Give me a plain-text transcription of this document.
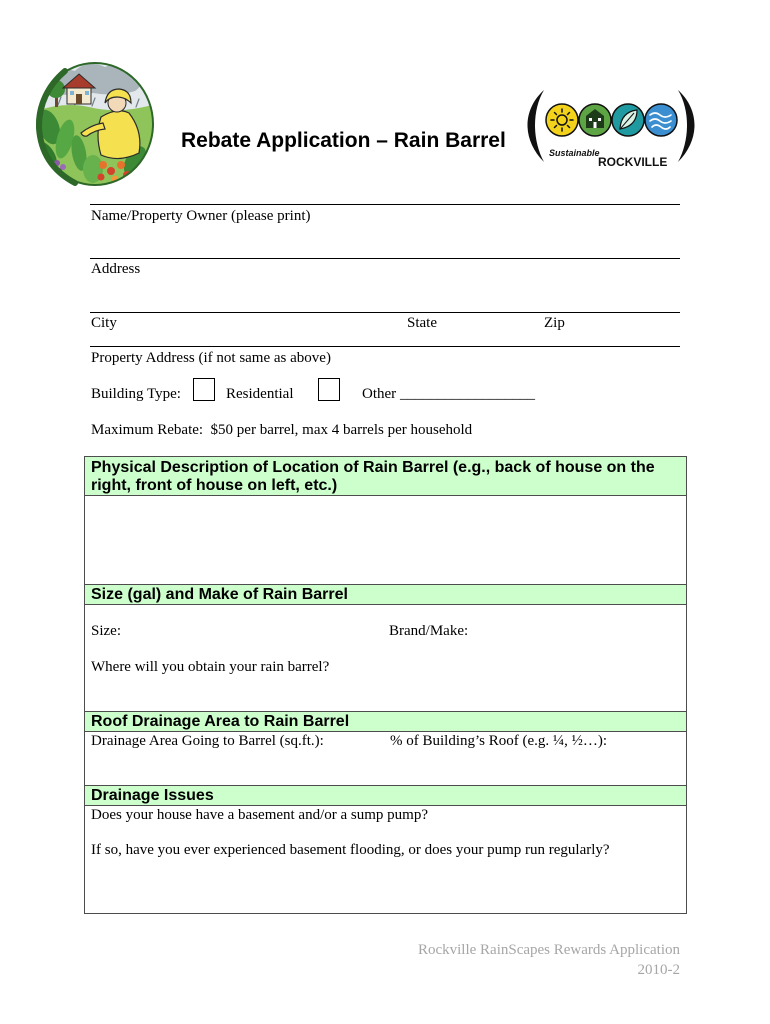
Rebate Application – Rain Barrel
Sustainable
ROCKVILLE
Name/Property Owner (please print)
Address
City	State	Zip
Property Address (if not same as above)
Building Type:	Residential	Other __________________
Maximum Rebate:  $50 per barrel, max 4 barrels per household
Physical Description of Location of Rain Barrel (e.g., back of house on the right, front of house on left, etc.)
Size (gal) and Make of Rain Barrel
Size:	Brand/Make:
Where will you obtain your rain barrel?
Roof Drainage Area to Rain Barrel
Drainage Area Going to Barrel (sq.ft.):	% of Building’s Roof (e.g. ¼, ½…):
Drainage Issues
Does your house have a basement and/or a sump pump?
If so, have you ever experienced basement flooding, or does your pump run regularly?
Rockville RainScapes Rewards Application
2010-2
